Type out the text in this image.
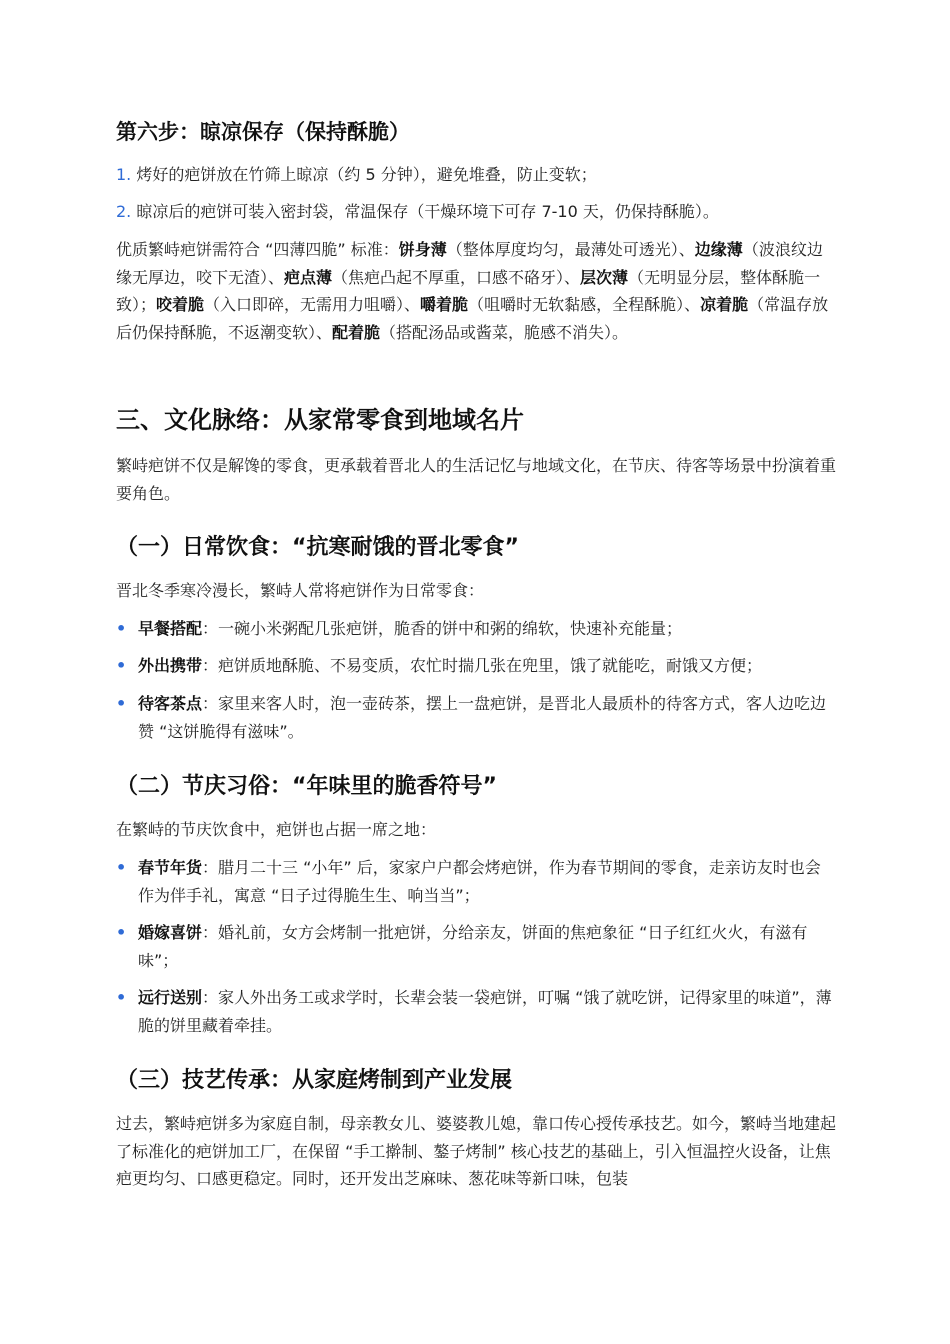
第六步：晾凉保存（保持酥脆）
1. 烤好的疤饼放在竹筛上晾凉（约 5 分钟），避免堆叠，防止变软；
2. 晾凉后的疤饼可装入密封袋，常温保存（干燥环境下可存 7-10 天，仍保持酥脆）。
优质繁峙疤饼需符合 “四薄四脆” 标准：饼身薄（整体厚度均匀，最薄处可透光）、边缘薄（波浪纹边缘无厚边，咬下无渣）、疤点薄（焦疤凸起不厚重，口感不硌牙）、层次薄（无明显分层，整体酥脆一致）；咬着脆（入口即碎，无需用力咀嚼）、嚼着脆（咀嚼时无软黏感，全程酥脆）、凉着脆（常温存放后仍保持酥脆，不返潮变软）、配着脆（搭配汤品或酱菜，脆感不消失）。
三、文化脉络：从家常零食到地域名片
繁峙疤饼不仅是解馋的零食，更承载着晋北人的生活记忆与地域文化，在节庆、待客等场景中扮演着重要角色。
（一）日常饮食：“抗寒耐饿的晋北零食”
晋北冬季寒冷漫长，繁峙人常将疤饼作为日常零食：
• 早餐搭配：一碗小米粥配几张疤饼，脆香的饼中和粥的绵软，快速补充能量；
• 外出携带：疤饼质地酥脆、不易变质，农忙时揣几张在兜里，饿了就能吃，耐饿又方便；
• 待客茶点：家里来客人时，泡一壶砖茶，摆上一盘疤饼，是晋北人最质朴的待客方式，客人边吃边赞 “这饼脆得有滋味”。
（二）节庆习俗：“年味里的脆香符号”
在繁峙的节庆饮食中，疤饼也占据一席之地：
• 春节年货：腊月二十三 “小年” 后，家家户户都会烤疤饼，作为春节期间的零食，走亲访友时也会作为伴手礼，寓意 “日子过得脆生生、响当当”；
• 婚嫁喜饼：婚礼前，女方会烤制一批疤饼，分给亲友，饼面的焦疤象征 “日子红红火火，有滋有味”；
• 远行送别：家人外出务工或求学时，长辈会装一袋疤饼，叮嘱 “饿了就吃饼，记得家里的味道”，薄脆的饼里藏着牵挂。
（三）技艺传承：从家庭烤制到产业发展
过去，繁峙疤饼多为家庭自制，母亲教女儿、婆婆教儿媳，靠口传心授传承技艺。如今，繁峙当地建起了标准化的疤饼加工厂，在保留 “手工擀制、鏊子烤制” 核心技艺的基础上，引入恒温控火设备，让焦疤更均匀、口感更稳定。同时，还开发出芝麻味、葱花味等新口味，包装
